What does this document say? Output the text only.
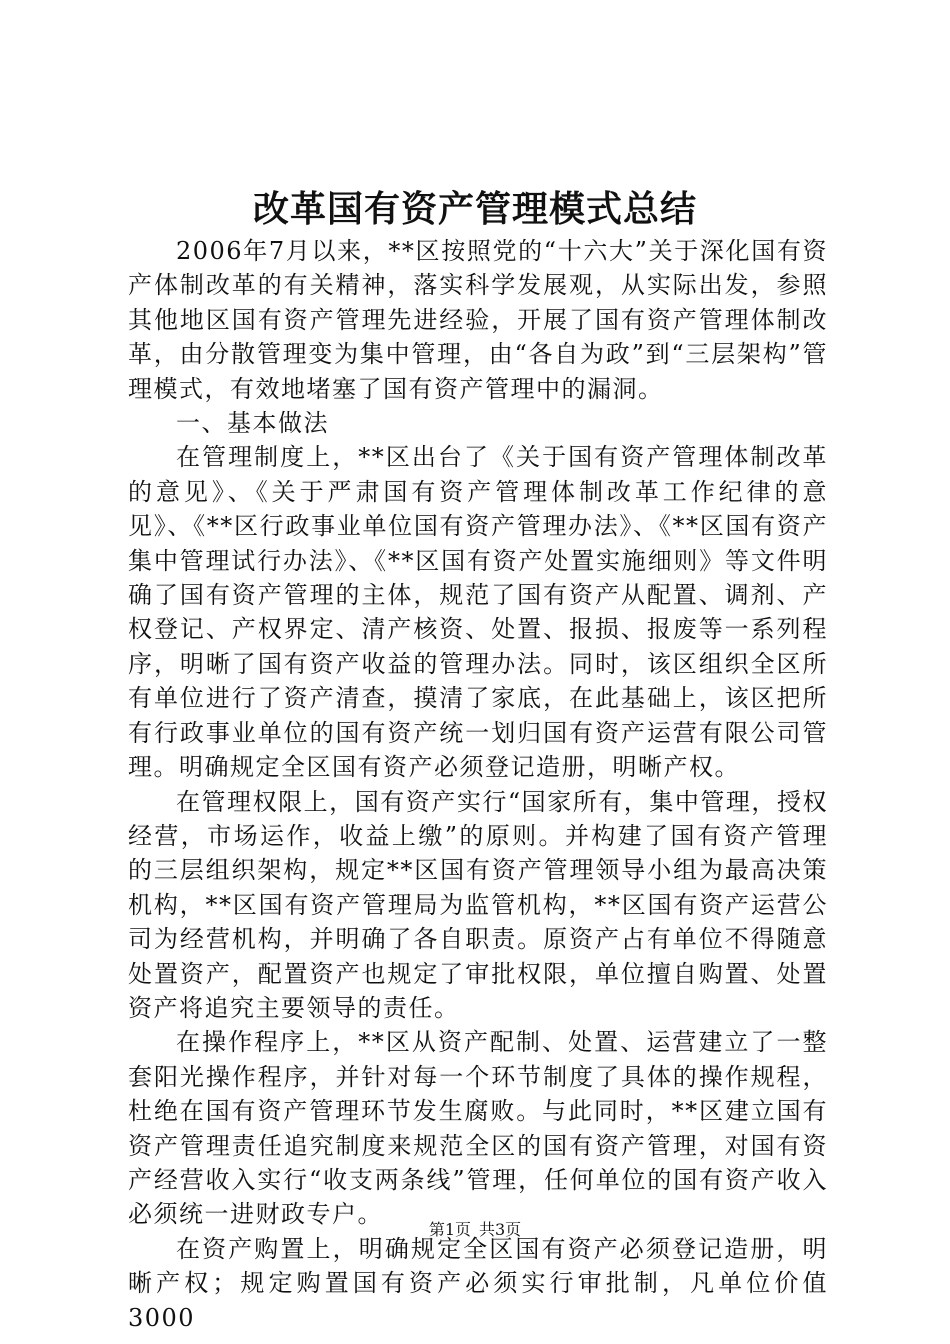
改革国有资产管理模式总结

2006年7月以来，**区按照党的“十六大”关于深化国有资产体制改革的有关精神，落实科学发展观，从实际出发，参照其他地区国有资产管理先进经验，开展了国有资产管理体制改革，由分散管理变为集中管理，由“各自为政”到“三层架构”管理模式，有效地堵塞了国有资产管理中的漏洞。

一、基本做法

在管理制度上，**区出台了《关于国有资产管理体制改革的意见》、《关于严肃国有资产管理体制改革工作纪律的意见》、《**区行政事业单位国有资产管理办法》、《**区国有资产集中管理试行办法》、《**区国有资产处置实施细则》等文件明确了国有资产管理的主体，规范了国有资产从配置、调剂、产权登记、产权界定、清产核资、处置、报损、报废等一系列程序，明晰了国有资产收益的管理办法。同时，该区组织全区所有单位进行了资产清查，摸清了家底，在此基础上，该区把所有行政事业单位的国有资产统一划归国有资产运营有限公司管理。明确规定全区国有资产必须登记造册，明晰产权。

在管理权限上，国有资产实行“国家所有，集中管理，授权经营，市场运作，收益上缴”的原则。并构建了国有资产管理的三层组织架构，规定**区国有资产管理领导小组为最高决策机构，**区国有资产管理局为监管机构，**区国有资产运营公司为经营机构，并明确了各自职责。原资产占有单位不得随意处置资产，配置资产也规定了审批权限，单位擅自购置、处置资产将追究主要领导的责任。

在操作程序上，**区从资产配制、处置、运营建立了一整套阳光操作程序，并针对每一个环节制度了具体的操作规程，杜绝在国有资产管理环节发生腐败。与此同时，**区建立国有资产管理责任追究制度来规范全区的国有资产管理，对国有资产经营收入实行“收支两条线”管理，任何单位的国有资产收入必须统一进财政专户。

在资产购置上，明确规定全区国有资产必须登记造册，明晰产权；规定购置国有资产必须实行审批制，凡单位价值3000

第1页 共3页
